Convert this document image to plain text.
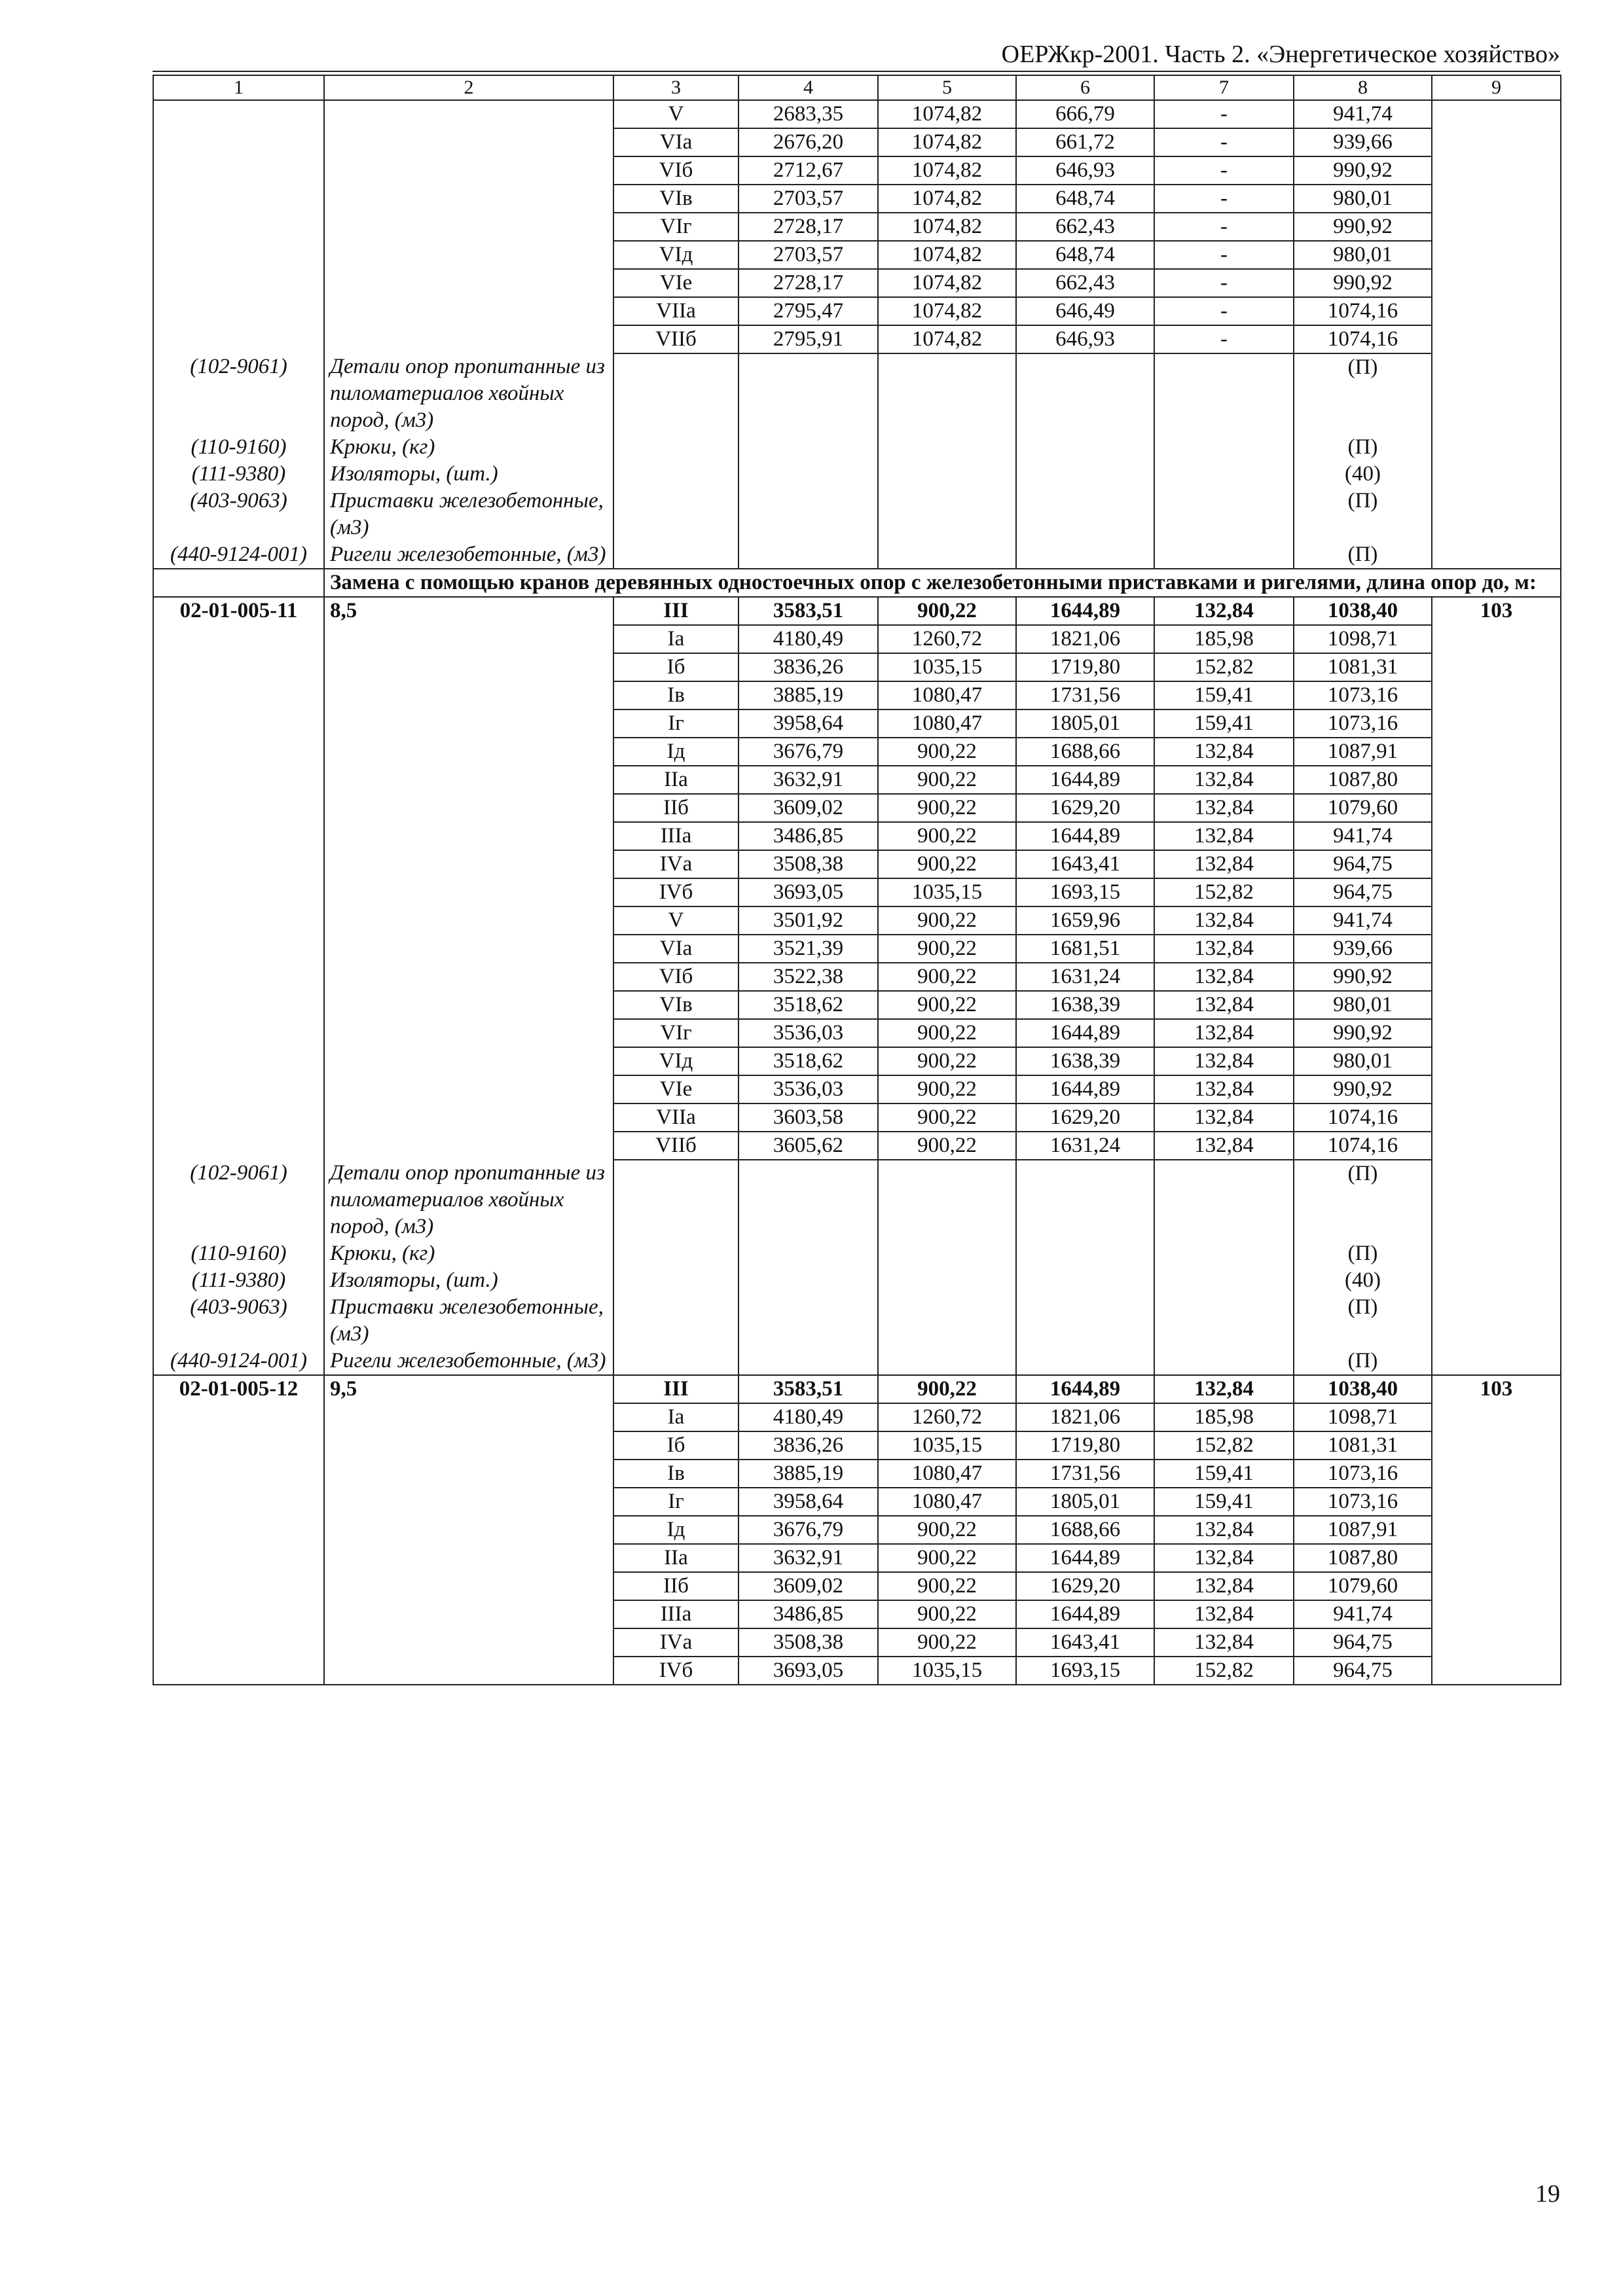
ОЕРЖкр-2001. Часть 2. «Энергетическое хозяйство»
1	2	3	4	5	6	7	8	9
		V	2683,35	1074,82	666,79	-	941,74	
		VIа	2676,20	1074,82	661,72	-	939,66	
		VIб	2712,67	1074,82	646,93	-	990,92	
		VIв	2703,57	1074,82	648,74	-	980,01	
		VIг	2728,17	1074,82	662,43	-	990,92	
		VIд	2703,57	1074,82	648,74	-	980,01	
		VIе	2728,17	1074,82	662,43	-	990,92	
		VIIа	2795,47	1074,82	646,49	-	1074,16	
		VIIб	2795,91	1074,82	646,93	-	1074,16	
(102-9061)	Детали опор пропитанные из пиломатериалов хвойных пород, (м3)						(П)	
(110-9160)	Крюки, (кг)						(П)	
(111-9380)	Изоляторы, (шт.)						(40)	
(403-9063)	Приставки железобетонные, (м3)						(П)	
(440-9124-001)	Ригели железобетонные, (м3)						(П)	
	Замена с помощью кранов деревянных одностоечных опор с железобетонными приставками и ригелями, длина опор до, м:							
02-01-005-11	8,5	III	3583,51	900,22	1644,89	132,84	1038,40	103
		Iа	4180,49	1260,72	1821,06	185,98	1098,71	
		Iб	3836,26	1035,15	1719,80	152,82	1081,31	
		Iв	3885,19	1080,47	1731,56	159,41	1073,16	
		Iг	3958,64	1080,47	1805,01	159,41	1073,16	
		Iд	3676,79	900,22	1688,66	132,84	1087,91	
		IIа	3632,91	900,22	1644,89	132,84	1087,80	
		IIб	3609,02	900,22	1629,20	132,84	1079,60	
		IIIа	3486,85	900,22	1644,89	132,84	941,74	
		IVа	3508,38	900,22	1643,41	132,84	964,75	
		IVб	3693,05	1035,15	1693,15	152,82	964,75	
		V	3501,92	900,22	1659,96	132,84	941,74	
		VIа	3521,39	900,22	1681,51	132,84	939,66	
		VIб	3522,38	900,22	1631,24	132,84	990,92	
		VIв	3518,62	900,22	1638,39	132,84	980,01	
		VIг	3536,03	900,22	1644,89	132,84	990,92	
		VIд	3518,62	900,22	1638,39	132,84	980,01	
		VIе	3536,03	900,22	1644,89	132,84	990,92	
		VIIа	3603,58	900,22	1629,20	132,84	1074,16	
		VIIб	3605,62	900,22	1631,24	132,84	1074,16	
(102-9061)	Детали опор пропитанные из пиломатериалов хвойных пород, (м3)						(П)	
(110-9160)	Крюки, (кг)						(П)	
(111-9380)	Изоляторы, (шт.)						(40)	
(403-9063)	Приставки железобетонные, (м3)						(П)	
(440-9124-001)	Ригели железобетонные, (м3)						(П)	
02-01-005-12	9,5	III	3583,51	900,22	1644,89	132,84	1038,40	103
		Iа	4180,49	1260,72	1821,06	185,98	1098,71	
		Iб	3836,26	1035,15	1719,80	152,82	1081,31	
		Iв	3885,19	1080,47	1731,56	159,41	1073,16	
		Iг	3958,64	1080,47	1805,01	159,41	1073,16	
		Iд	3676,79	900,22	1688,66	132,84	1087,91	
		IIа	3632,91	900,22	1644,89	132,84	1087,80	
		IIб	3609,02	900,22	1629,20	132,84	1079,60	
		IIIа	3486,85	900,22	1644,89	132,84	941,74	
		IVа	3508,38	900,22	1643,41	132,84	964,75	
		IVб	3693,05	1035,15	1693,15	152,82	964,75	
19
